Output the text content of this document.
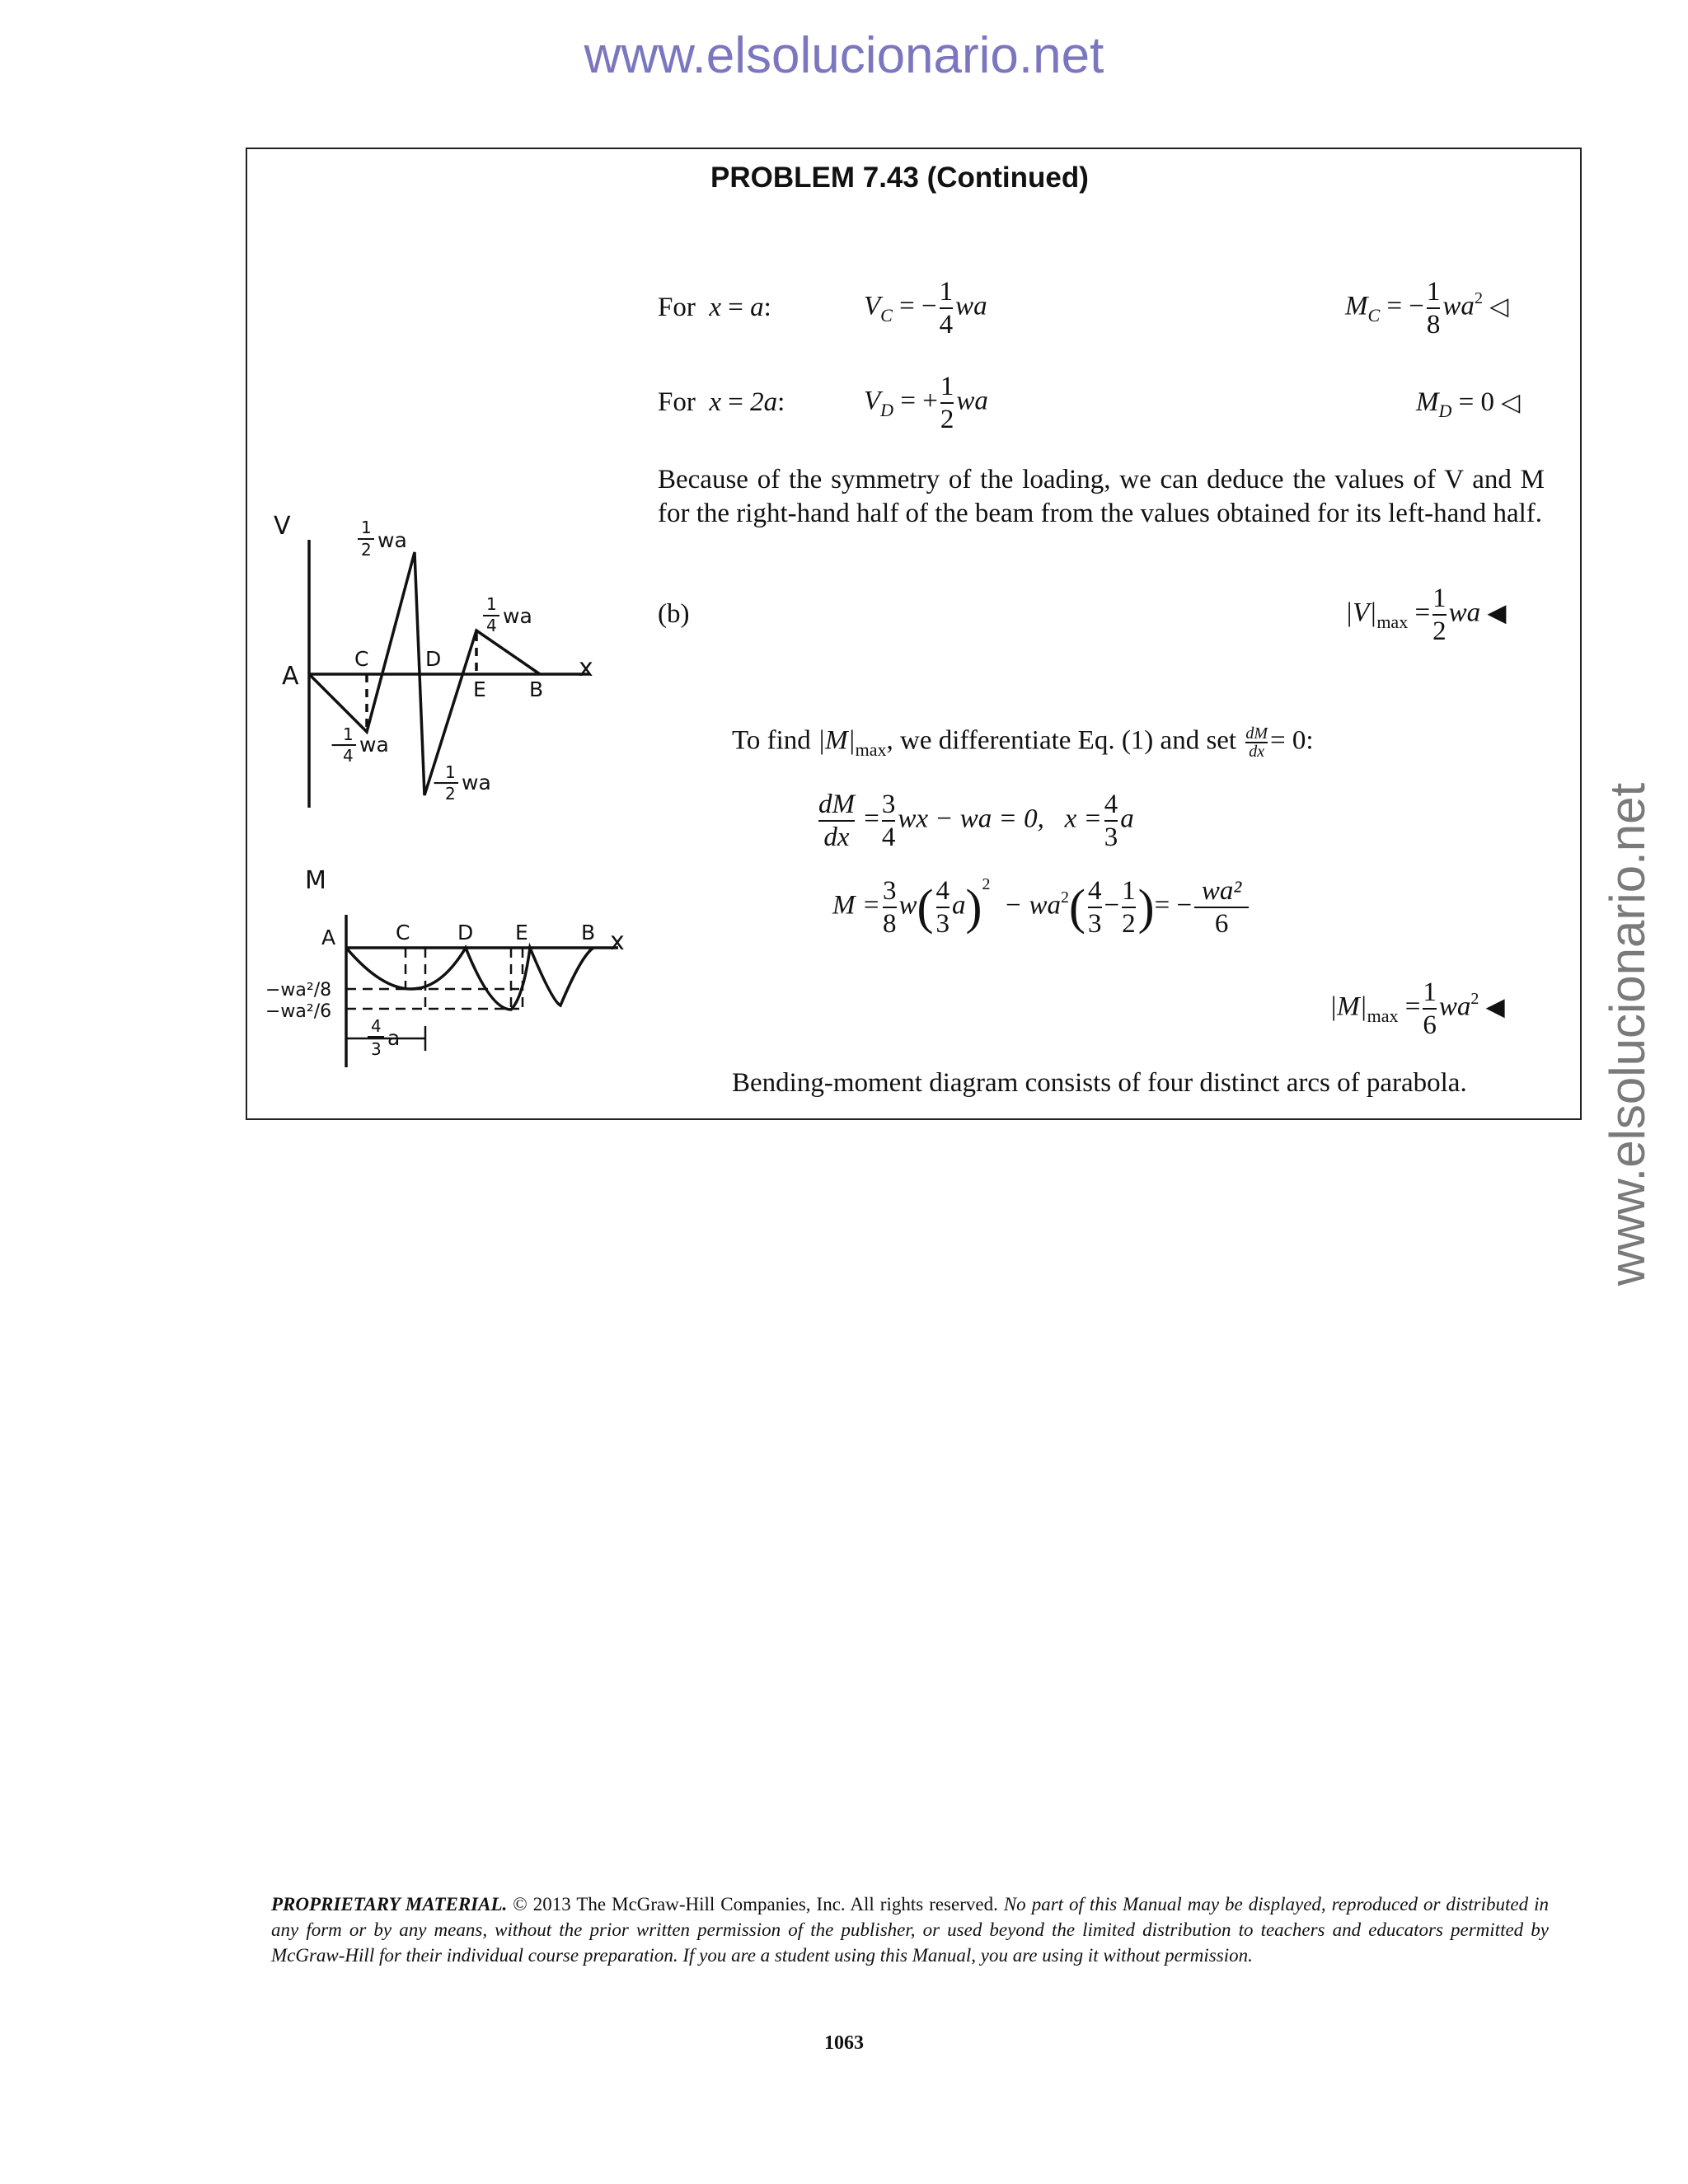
www.elsolucionario.net
www.elsolucionario.net
PROBLEM 7.43 (Continued)
For x = a:	$V_C$ = − $\frac{1}{4}$ wa	$M_C$ = − $\frac{1}{8} wa^2$ ◁
For x = 2a:	$V_D$ = + $\frac{1}{2}$ wa	$M_D = 0$ ◁
Because of the symmetry of the loading, we can deduce the values of V and M for the right-hand half of the beam from the values obtained for its left-hand half.
(b)	$|V|_{max} = \frac{1}{2}$ wa ◀
To find $|M|_{max}$, we differentiate Eq. (1) and set $\frac{dM}{dx} = 0$:
$\frac{dM}{dx} = \frac{3}{4}$ wx − wa = 0, $x = \frac{4}{3}$ a
$M = \frac{3}{8} w( \frac{4}{3} a)^2 - wa^2( \frac{4}{3} - \frac{1}{2}$ )= − $\frac{\text{wa²}}{6}$
$|M|_{max} = \frac{1}{6} wa^2$ ◀
Bending-moment diagram consists of four distinct arcs of parabola.
V
x
A
C	D
E B
1
2 wa
1
4 wa
−
1
4 wa
−
1
2 wa
M
x
A	C D E	B
−wa²/8
−wa²/6
4
3 a
PROPRIETARY MATERIAL. © 2013 The McGraw-Hill Companies, Inc. All rights reserved. No part of this Manual may be displayed, reproduced or distributed in any form or by any means, without the prior written permission of the publisher, or used beyond the limited distribution to teachers and educators permitted by McGraw-Hill for their individual course preparation. If you are a student using this Manual, you are using it without permission.
1063
